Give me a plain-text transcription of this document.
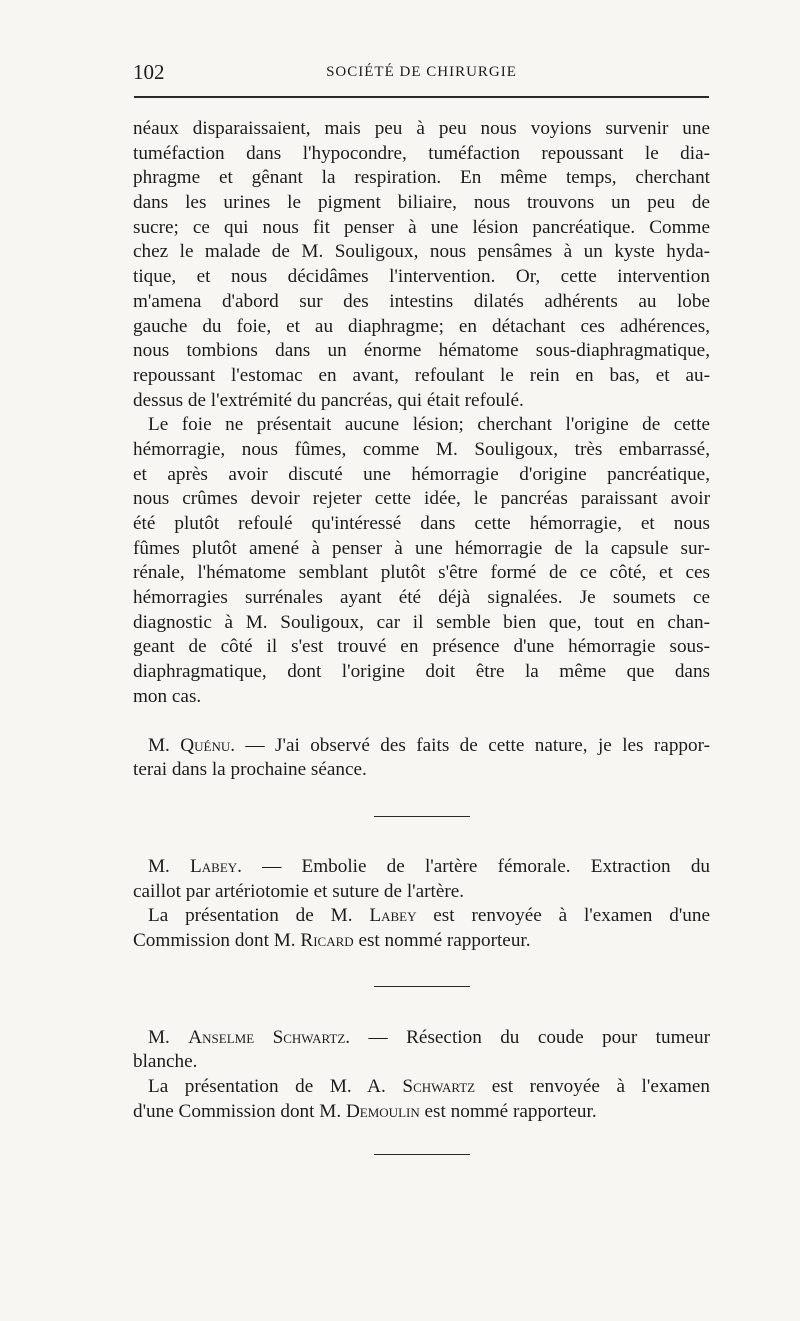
102	SOCIÉTÉ DE CHIRURGIE
néaux disparaissaient, mais peu à peu nous voyions survenir une
tuméfaction dans l'hypocondre, tuméfaction repoussant le dia-
phragme et gênant la respiration. En même temps, cherchant
dans les urines le pigment biliaire, nous trouvons un peu de
sucre; ce qui nous fit penser à une lésion pancréatique. Comme
chez le malade de M. Souligoux, nous pensâmes à un kyste hyda-
tique, et nous décidâmes l'intervention. Or, cette intervention
m'amena d'abord sur des intestins dilatés adhérents au lobe
gauche du foie, et au diaphragme; en détachant ces adhérences,
nous tombions dans un énorme hématome sous-diaphragmatique,
repoussant l'estomac en avant, refoulant le rein en bas, et au-
dessus de l'extrémité du pancréas, qui était refoulé.
Le foie ne présentait aucune lésion; cherchant l'origine de cette
hémorragie, nous fûmes, comme M. Souligoux, très embarrassé,
et après avoir discuté une hémorragie d'origine pancréatique,
nous crûmes devoir rejeter cette idée, le pancréas paraissant avoir
été plutôt refoulé qu'intéressé dans cette hémorragie, et nous
fûmes plutôt amené à penser à une hémorragie de la capsule sur-
rénale, l'hématome semblant plutôt s'être formé de ce côté, et ces
hémorragies surrénales ayant été déjà signalées. Je soumets ce
diagnostic à M. Souligoux, car il semble bien que, tout en chan-
geant de côté il s'est trouvé en présence d'une hémorragie sous-
diaphragmatique, dont l'origine doit être la même que dans
mon cas.
M. Quénu. — J'ai observé des faits de cette nature, je les rappor-
terai dans la prochaine séance.
M. Labey. — Embolie de l'artère fémorale. Extraction du
caillot par artériotomie et suture de l'artère.
La présentation de M. Labey est renvoyée à l'examen d'une
Commission dont M. Ricard est nommé rapporteur.
M. Anselme Schwartz. — Résection du coude pour tumeur
blanche.
La présentation de M. A. Schwartz est renvoyée à l'examen
d'une Commission dont M. Demoulin est nommé rapporteur.
